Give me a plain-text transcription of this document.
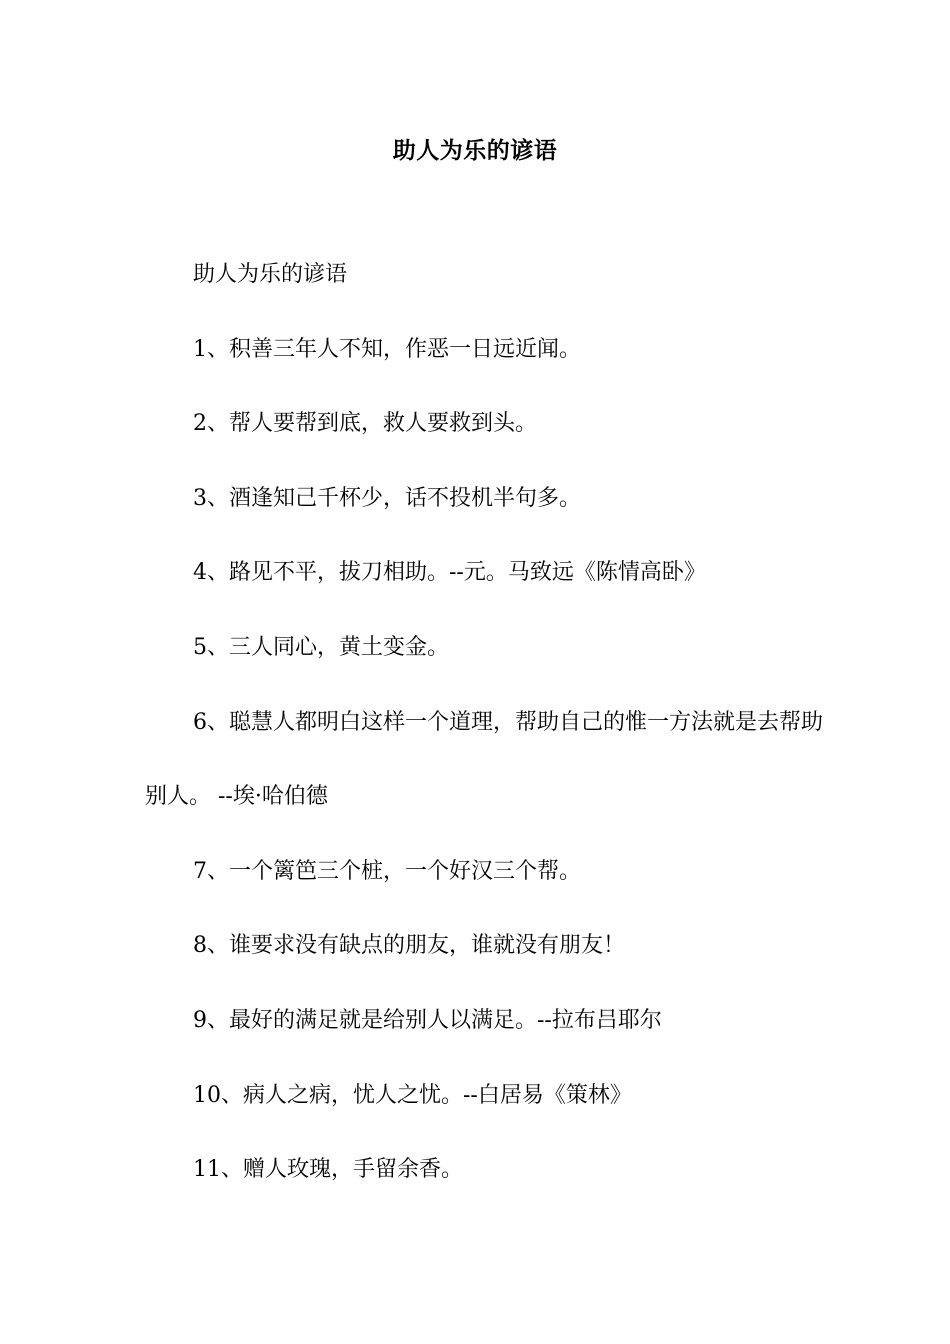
助人为乐的谚语

助人为乐的谚语

1、积善三年人不知，作恶一日远近闻。

2、帮人要帮到底，救人要救到头。

3、酒逢知己千杯少，话不投机半句多。

4、路见不平，拔刀相助。--元。马致远《陈情高卧》

5、三人同心，黄土变金。

6、聪慧人都明白这样一个道理，帮助自己的惟一方法就是去帮助别人。 --埃·哈伯德

7、一个篱笆三个桩，一个好汉三个帮。

8、谁要求没有缺点的朋友，谁就没有朋友！

9、最好的满足就是给别人以满足。--拉布吕耶尔

10、病人之病，忧人之忧。--白居易《策林》

11、赠人玫瑰，手留余香。
